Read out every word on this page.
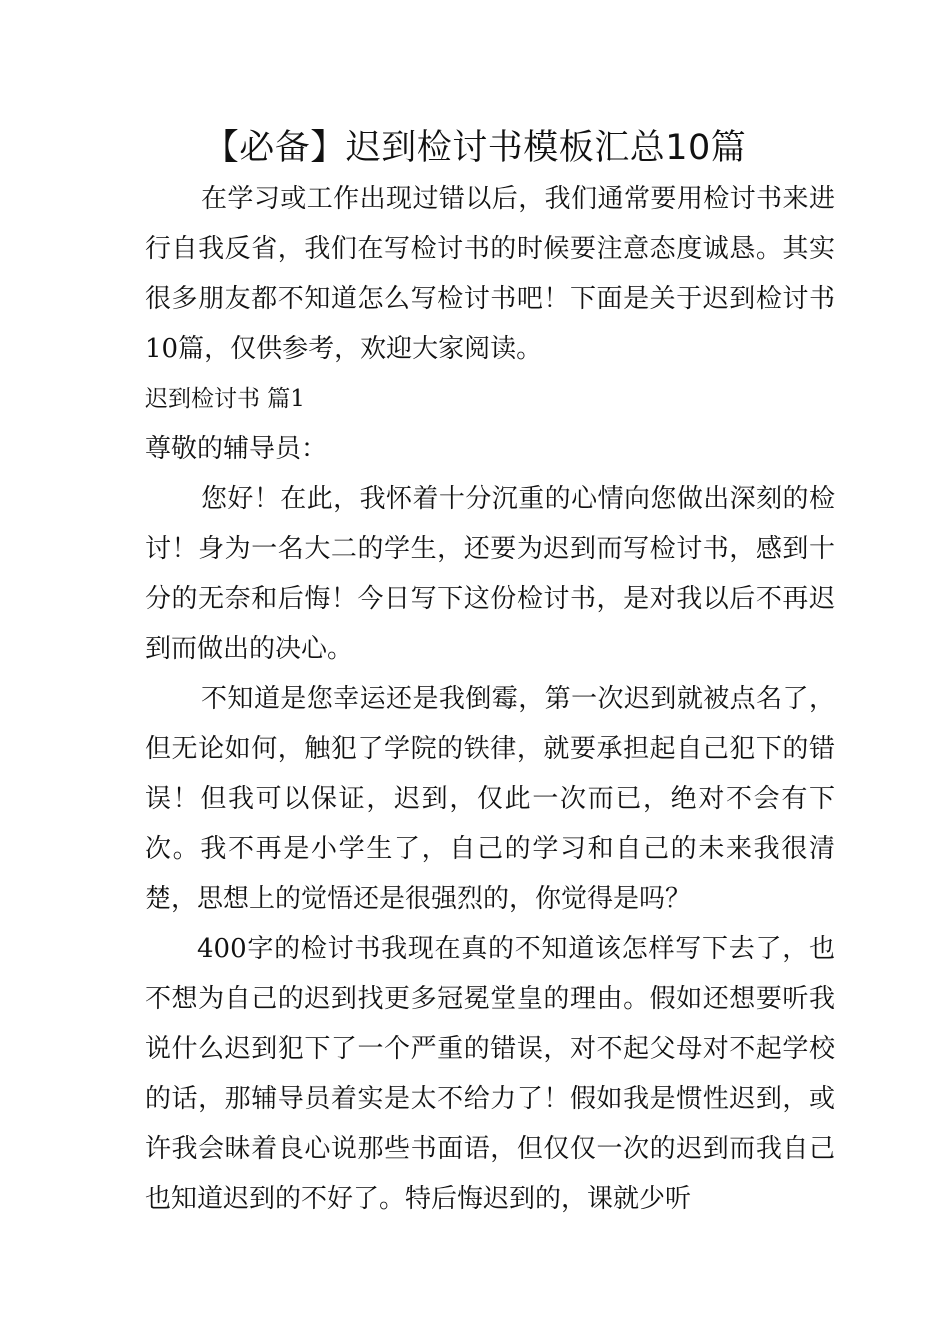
【必备】迟到检讨书模板汇总10篇

在学习或工作出现过错以后，我们通常要用检讨书来进行自我反省，我们在写检讨书的时候要注意态度诚恳。其实很多朋友都不知道怎么写检讨书吧！下面是关于迟到检讨书10篇，仅供参考，欢迎大家阅读。

迟到检讨书 篇1

尊敬的辅导员：

您好！在此，我怀着十分沉重的心情向您做出深刻的检讨！身为一名大二的学生，还要为迟到而写检讨书，感到十分的无奈和后悔！今日写下这份检讨书，是对我以后不再迟到而做出的决心。

不知道是您幸运还是我倒霉，第一次迟到就被点名了，但无论如何，触犯了学院的铁律，就要承担起自己犯下的错误！但我可以保证，迟到，仅此一次而已，绝对不会有下次。我不再是小学生了，自己的学习和自己的未来我很清楚，思想上的觉悟还是很强烈的，你觉得是吗？

400字的检讨书我现在真的不知道该怎样写下去了，也不想为自己的迟到找更多冠冕堂皇的理由。假如还想要听我说什么迟到犯下了一个严重的错误，对不起父母对不起学校的话，那辅导员着实是太不给力了！假如我是惯性迟到，或许我会昧着良心说那些书面语，但仅仅一次的迟到而我自己也知道迟到的不好了。特后悔迟到的，课就少听
